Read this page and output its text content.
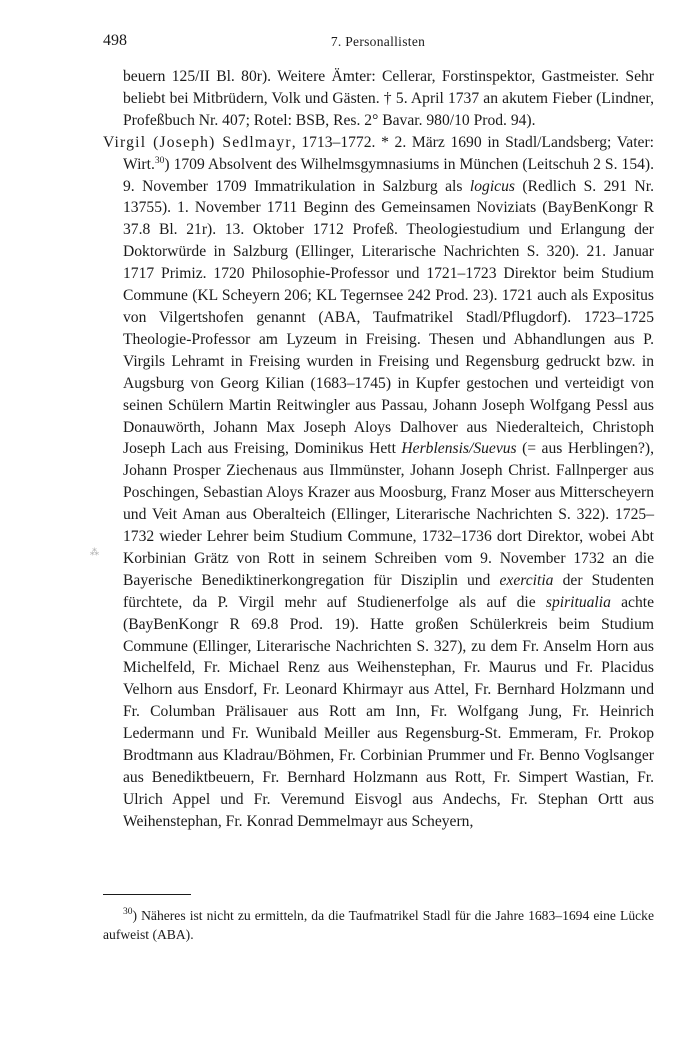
498	7. Personallisten

beuern 125/II Bl. 80r). Weitere Ämter: Cellerar, Forstinspektor, Gastmeister. Sehr beliebt bei Mitbrüdern, Volk und Gästen. † 5. April 1737 an akutem Fieber (Lindner, Profeßbuch Nr. 407; Rotel: BSB, Res. 2° Bavar. 980/10 Prod. 94).

Virgil (Joseph) Sedlmayr, 1713–1772. * 2. März 1690 in Stadl/Landsberg; Vater: Wirt.$^{30}$) 1709 Absolvent des Wilhelmsgymnasiums in München (Leitschuh 2 S. 154). 9. November 1709 Immatrikulation in Salzburg als logicus (Redlich S. 291 Nr. 13755). 1. November 1711 Beginn des Gemeinsamen Noviziats (BayBenKongr R 37.8 Bl. 21r). 13. Oktober 1712 Profeß. Theologiestudium und Erlangung der Doktorwürde in Salzburg (Ellinger, Literarische Nachrichten S. 320). 21. Januar 1717 Primiz. 1720 Philosophie-Professor und 1721–1723 Direktor beim Studium Commune (KL Scheyern 206; KL Tegernsee 242 Prod. 23). 1721 auch als Expositus von Vilgertshofen genannt (ABA, Taufmatrikel Stadl/Pflugdorf). 1723–1725 Theologie-Professor am Lyzeum in Freising. Thesen und Abhandlungen aus P. Virgils Lehramt in Freising wurden in Freising und Regensburg gedruckt bzw. in Augsburg von Georg Kilian (1683–1745) in Kupfer gestochen und verteidigt von seinen Schülern Martin Reitwingler aus Passau, Johann Joseph Wolfgang Pessl aus Donauwörth, Johann Max Joseph Aloys Dalhover aus Niederalteich, Christoph Joseph Lach aus Freising, Dominikus Hett Herblensis/Suevus (= aus Herblingen?), Johann Prosper Ziechenaus aus Ilmmünster, Johann Joseph Christ. Fallnperger aus Poschingen, Sebastian Aloys Krazer aus Moosburg, Franz Moser aus Mitterscheyern und Veit Aman aus Oberalteich (Ellinger, Literarische Nachrichten S. 322). 1725–1732 wieder Lehrer beim Studium Commune, 1732–1736 dort Direktor, wobei Abt Korbinian Grätz von Rott in seinem Schreiben vom 9. November 1732 an die Bayerische Benediktinerkongregation für Disziplin und exercitia der Studenten fürchtete, da P. Virgil mehr auf Studienerfolge als auf die spiritualia achte (BayBenKongr R 69.8 Prod. 19). Hatte großen Schülerkreis beim Studium Commune (Ellinger, Literarische Nachrichten S. 327), zu dem Fr. Anselm Horn aus Michelfeld, Fr. Michael Renz aus Weihenstephan, Fr. Maurus und Fr. Placidus Velhorn aus Ensdorf, Fr. Leonard Khirmayr aus Attel, Fr. Bernhard Holzmann und Fr. Columban Prälisauer aus Rott am Inn, Fr. Wolfgang Jung, Fr. Heinrich Ledermann und Fr. Wunibald Meiller aus Regensburg-St. Emmeram, Fr. Prokop Brodtmann aus Kladrau/Böhmen, Fr. Corbinian Prummer und Fr. Benno Voglsanger aus Benediktbeuern, Fr. Bernhard Holzmann aus Rott, Fr. Simpert Wastian, Fr. Ulrich Appel und Fr. Veremund Eisvogl aus Andechs, Fr. Stephan Ortt aus Weihenstephan, Fr. Konrad Demmelmayr aus Scheyern,

⁂
$^{30}$) Näheres ist nicht zu ermitteln, da die Taufmatrikel Stadl für die Jahre 1683–1694 eine Lücke aufweist (ABA).
